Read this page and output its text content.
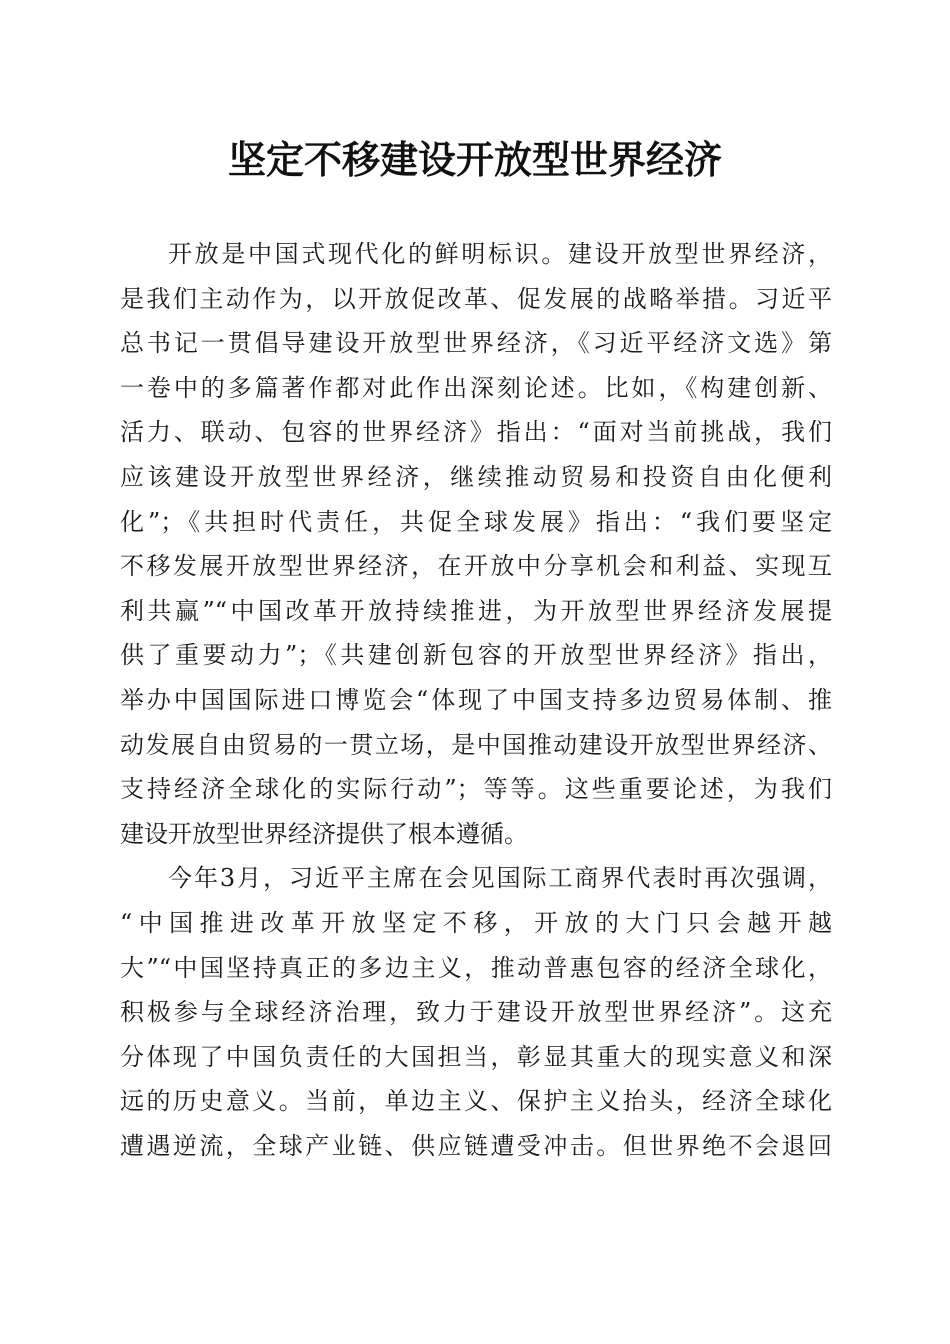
坚定不移建设开放型世界经济
开放是中国式现代化的鲜明标识。建设开放型世界经济，
是我们主动作为，以开放促改革、促发展的战略举措。习近平
总书记一贯倡导建设开放型世界经济，《习近平经济文选》第
一卷中的多篇著作都对此作出深刻论述。比如，《构建创新、
活力、联动、包容的世界经济》指出：“面对当前挑战，我们
应该建设开放型世界经济，继续推动贸易和投资自由化便利
化”；《共担时代责任，共促全球发展》指出：“我们要坚定
不移发展开放型世界经济，在开放中分享机会和利益、实现互
利共赢”“中国改革开放持续推进，为开放型世界经济发展提
供了重要动力”；《共建创新包容的开放型世界经济》指出，
举办中国国际进口博览会“体现了中国支持多边贸易体制、推
动发展自由贸易的一贯立场，是中国推动建设开放型世界经济、
支持经济全球化的实际行动”；等等。这些重要论述，为我们
建设开放型世界经济提供了根本遵循。
今年3月，习近平主席在会见国际工商界代表时再次强调，
“中国推进改革开放坚定不移，开放的大门只会越开越
大”“中国坚持真正的多边主义，推动普惠包容的经济全球化，
积极参与全球经济治理，致力于建设开放型世界经济”。这充
分体现了中国负责任的大国担当，彰显其重大的现实意义和深
远的历史意义。当前，单边主义、保护主义抬头，经济全球化
遭遇逆流，全球产业链、供应链遭受冲击。但世界绝不会退回
